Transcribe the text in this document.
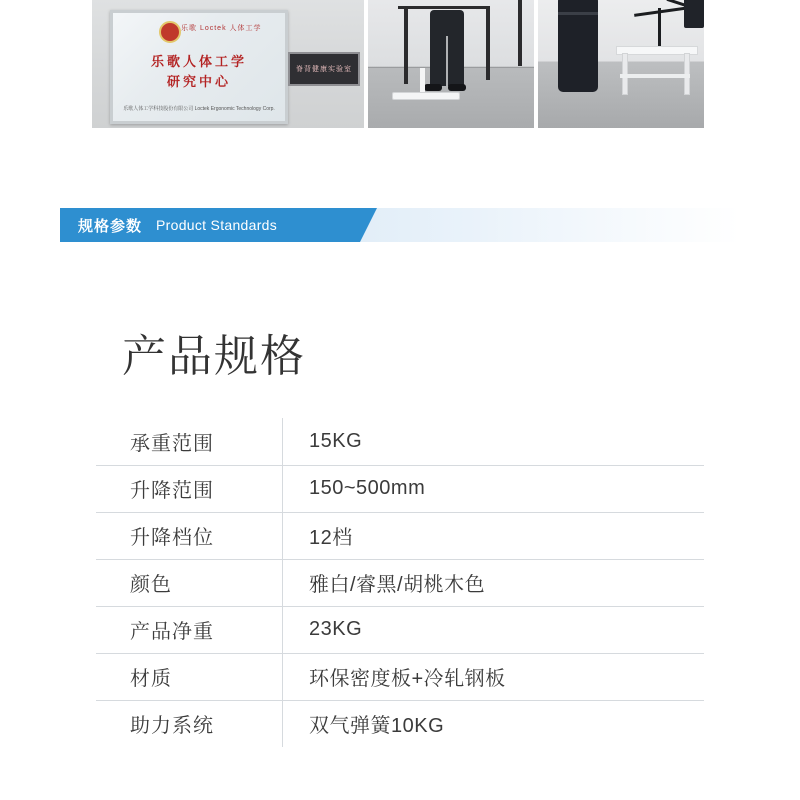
乐歌 Loctek 人体工学
乐歌人体工学
研究中心
乐歌人体工学科技股份有限公司 Loctek Ergonomic Technology Corp.
脊背健康实验室
规格参数 Product Standards
产品规格
承重范围	15KG
升降范围	150~500mm
升降档位	12档
颜色	雅白/睿黑/胡桃木色
产品净重	23KG
材质	环保密度板+冷轧钢板
助力系统	双气弹簧10KG
